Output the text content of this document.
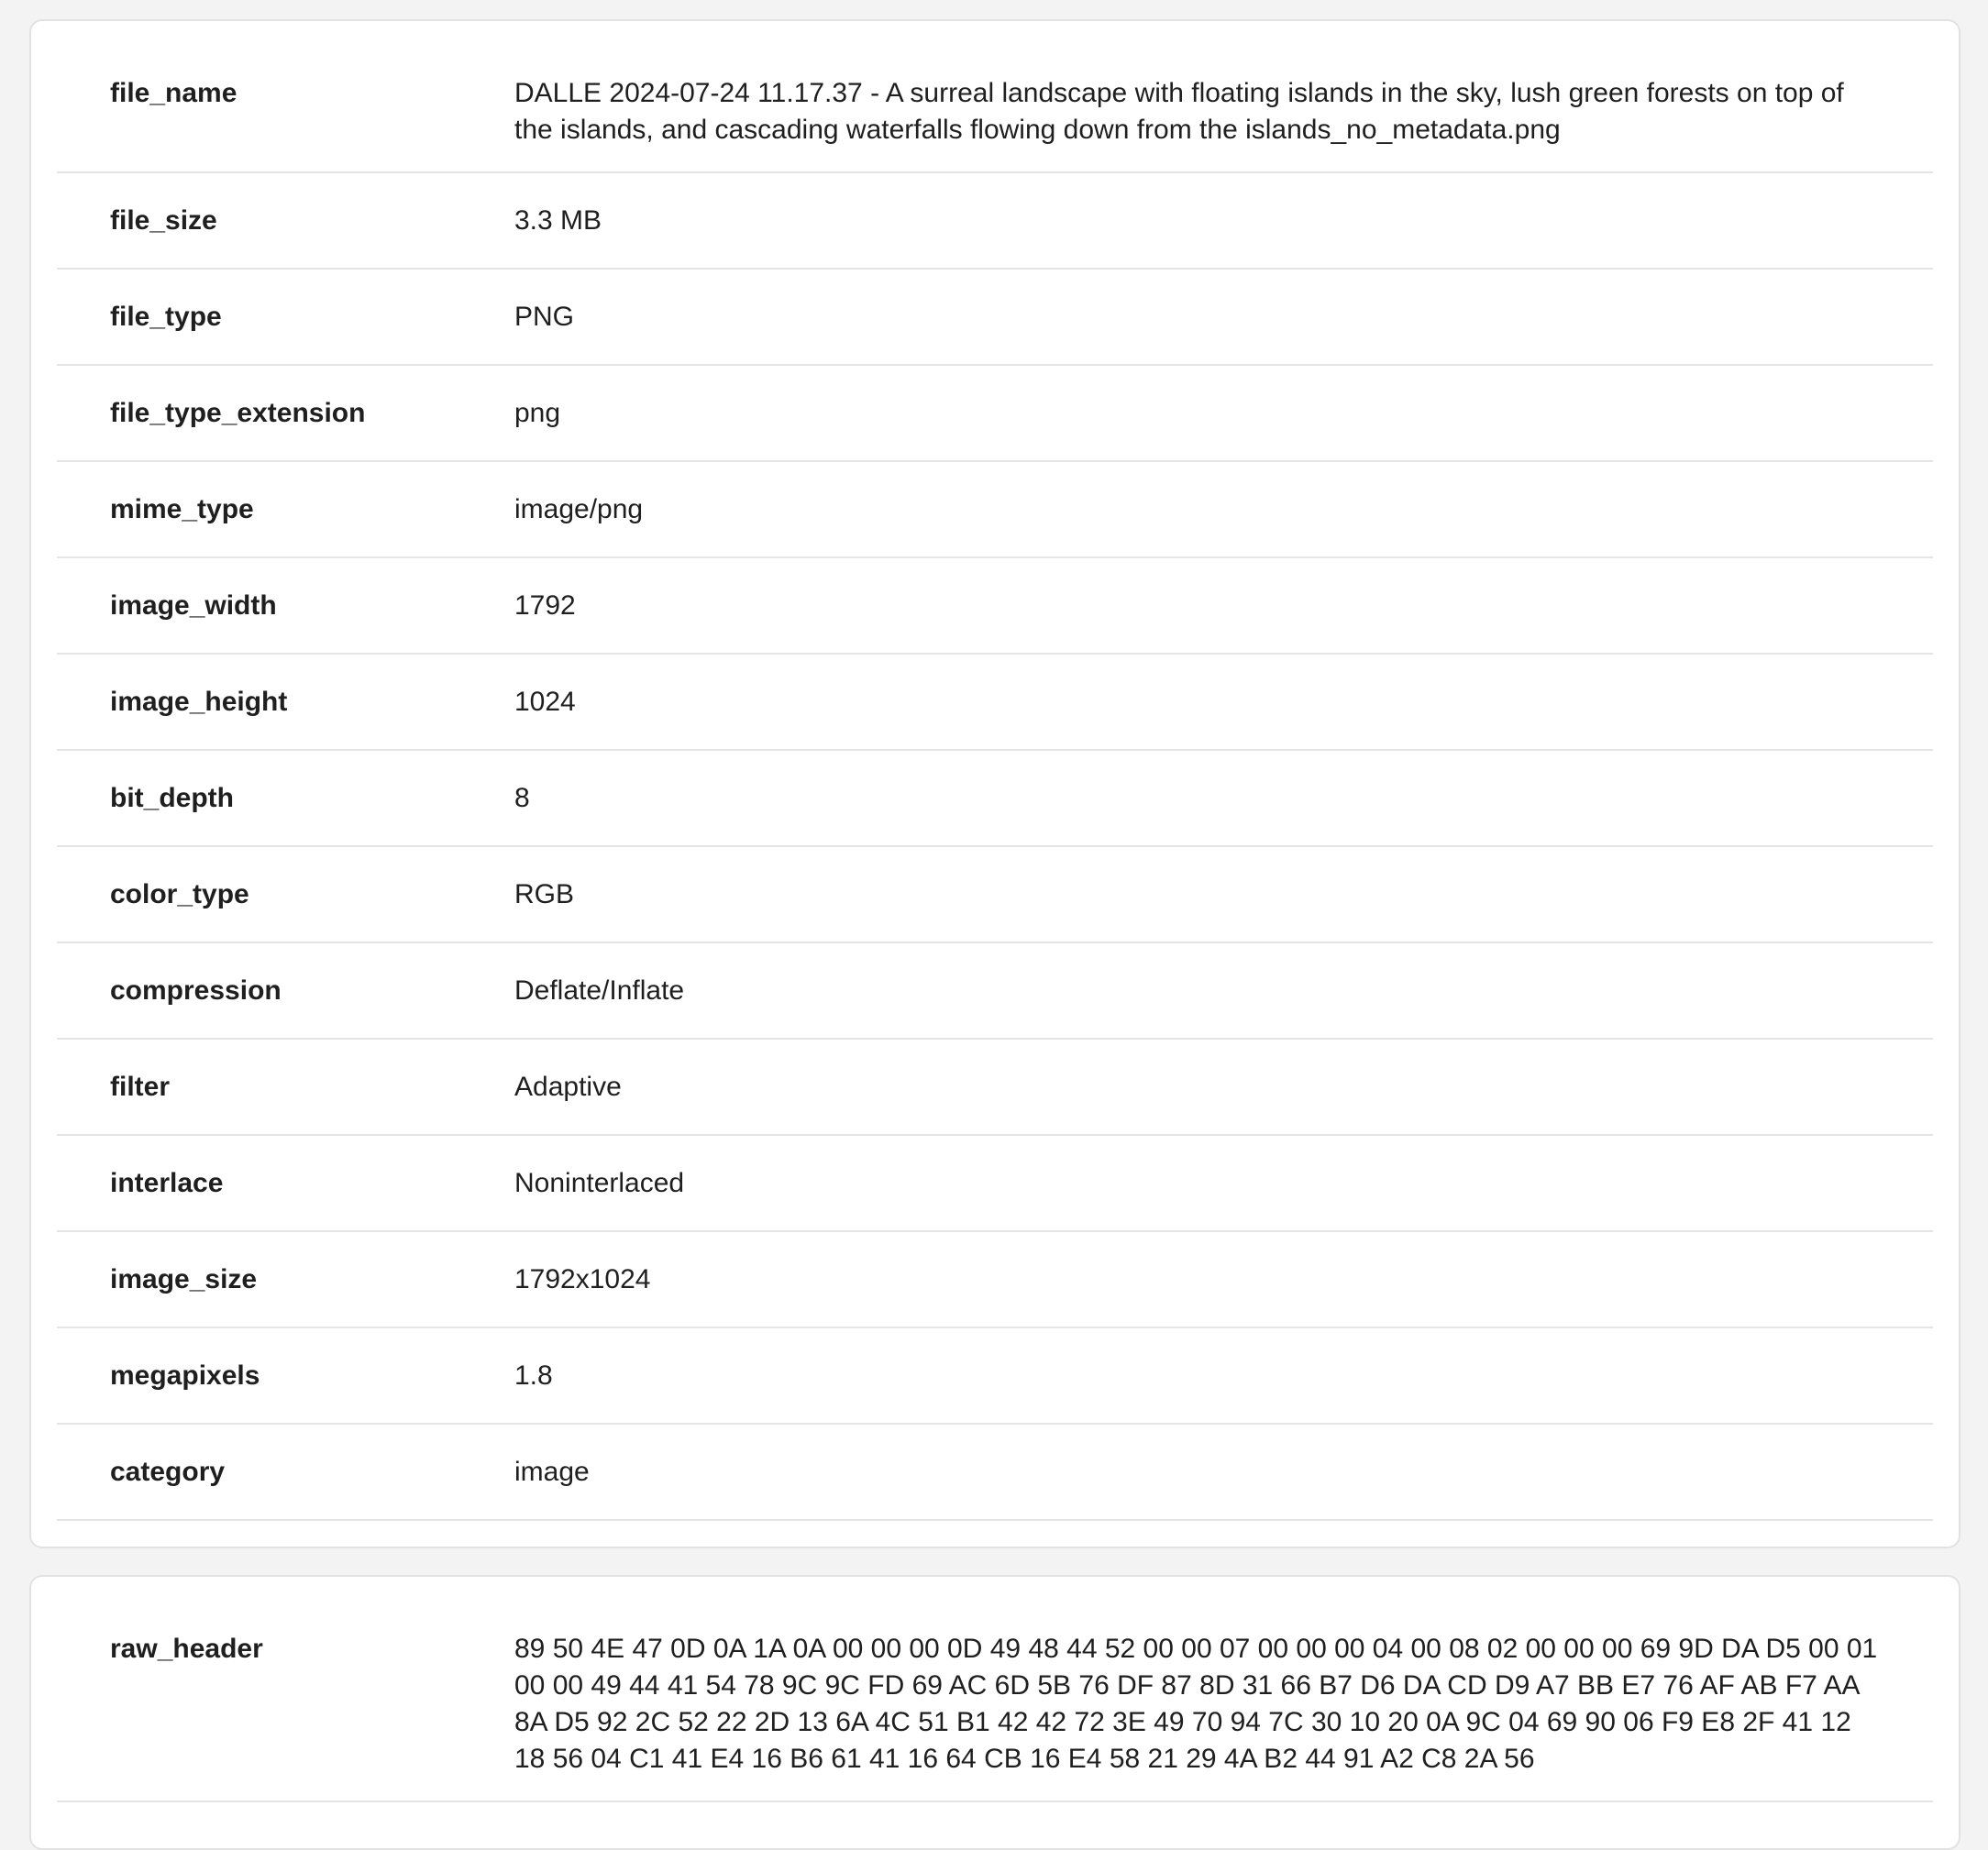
file_name	DALLE 2024-07-24 11.17.37 - A surreal landscape with floating islands in the sky, lush green forests on top of the islands, and cascading waterfalls flowing down from the islands_no_metadata.png
file_size	3.3 MB
file_type	PNG
file_type_extension	png
mime_type	image/png
image_width	1792
image_height	1024
bit_depth	8
color_type	RGB
compression	Deflate/Inflate
filter	Adaptive
interlace	Noninterlaced
image_size	1792x1024
megapixels	1.8
category	image
raw_header	89 50 4E 47 0D 0A 1A 0A 00 00 00 0D 49 48 44 52 00 00 07 00 00 00 04 00 08 02 00 00 00 69 9D DA D5 00 01 00 00 49 44 41 54 78 9C 9C FD 69 AC 6D 5B 76 DF 87 8D 31 66 B7 D6 DA CD D9 A7 BB E7 76 AF AB F7 AA 8A D5 92 2C 52 22 2D 13 6A 4C 51 B1 42 42 72 3E 49 70 94 7C 30 10 20 0A 9C 04 69 90 06 F9 E8 2F 41 12 18 56 04 C1 41 E4 16 B6 61 41 16 64 CB 16 E4 58 21 29 4A B2 44 91 A2 C8 2A 56
